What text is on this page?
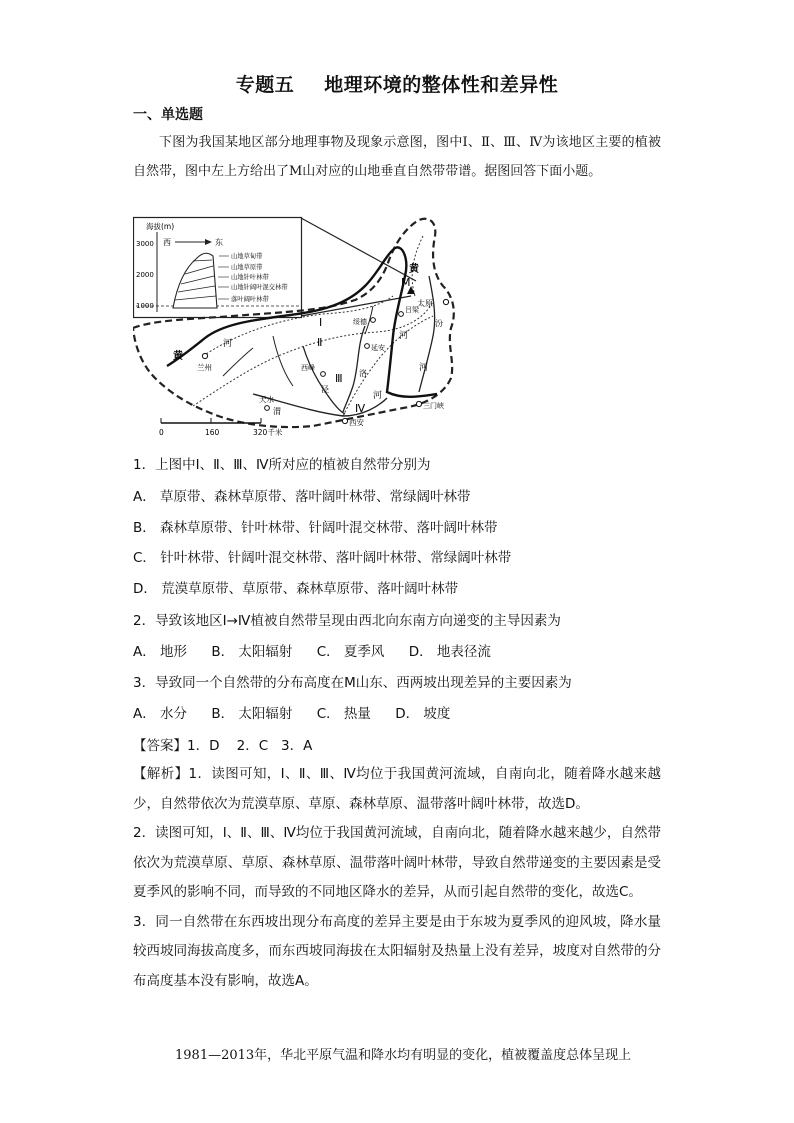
专题五 地理环境的整体性和差异性
一、单选题

下图为我国某地区部分地理事物及现象示意图，图中Ⅰ、Ⅱ、Ⅲ、Ⅳ为该地区主要的植被自然带，图中左上方给出了M山对应的山地垂直自然带带谱。据图回答下面小题。

海拔(m)
3000
2000
1000
西	东
山地草甸带
山地草原带
山地针叶林带
山地针阔叶混交林带
落叶阔叶林带
黄
河
黄
河
河
河
M
太原
吕梁
绥德	汾
延安
兰州	西峰
洛
泾
天水
渭
西安
三门峡
Ⅰ
Ⅱ
Ⅲ
Ⅳ
0	160	320千米
1．上图中Ⅰ、Ⅱ、Ⅲ、Ⅳ所对应的植被自然带分别为
A． 草原带、森林草原带、落叶阔叶林带、常绿阔叶林带
B． 森林草原带、针叶林带、针阔叶混交林带、落叶阔叶林带
C． 针叶林带、针阔叶混交林带、落叶阔叶林带、常绿阔叶林带
D． 荒漠草原带、草原带、森林草原带、落叶阔叶林带
2．导致该地区Ⅰ→Ⅳ植被自然带呈现由西北向东南方向递变的主导因素为
A． 地形 B． 太阳辐射 C． 夏季风 D． 地表径流
3．导致同一个自然带的分布高度在M山东、西两坡出现差异的主要因素为
A． 水分 B． 太阳辐射 C． 热量 D． 坡度
【答案】1．D    2．C   3．A

【解析】1．读图可知，Ⅰ、Ⅱ、Ⅲ、Ⅳ均位于我国黄河流域，自南向北，随着降水越来越少，自然带依次为荒漠草原、草原、森林草原、温带落叶阔叶林带，故选D。

2．读图可知，Ⅰ、Ⅱ、Ⅲ、Ⅳ均位于我国黄河流域，自南向北，随着降水越来越少，自然带依次为荒漠草原、草原、森林草原、温带落叶阔叶林带，导致自然带递变的主要因素是受夏季风的影响不同，而导致的不同地区降水的差异，从而引起自然带的变化，故选C。

3．同一自然带在东西坡出现分布高度的差异主要是由于东坡为夏季风的迎风坡，降水量较西坡同海拔高度多，而东西坡同海拔在太阳辐射及热量上没有差异，坡度对自然带的分布高度基本没有影响，故选A。

1981—2013年，华北平原气温和降水均有明显的变化，植被覆盖度总体呈现上
